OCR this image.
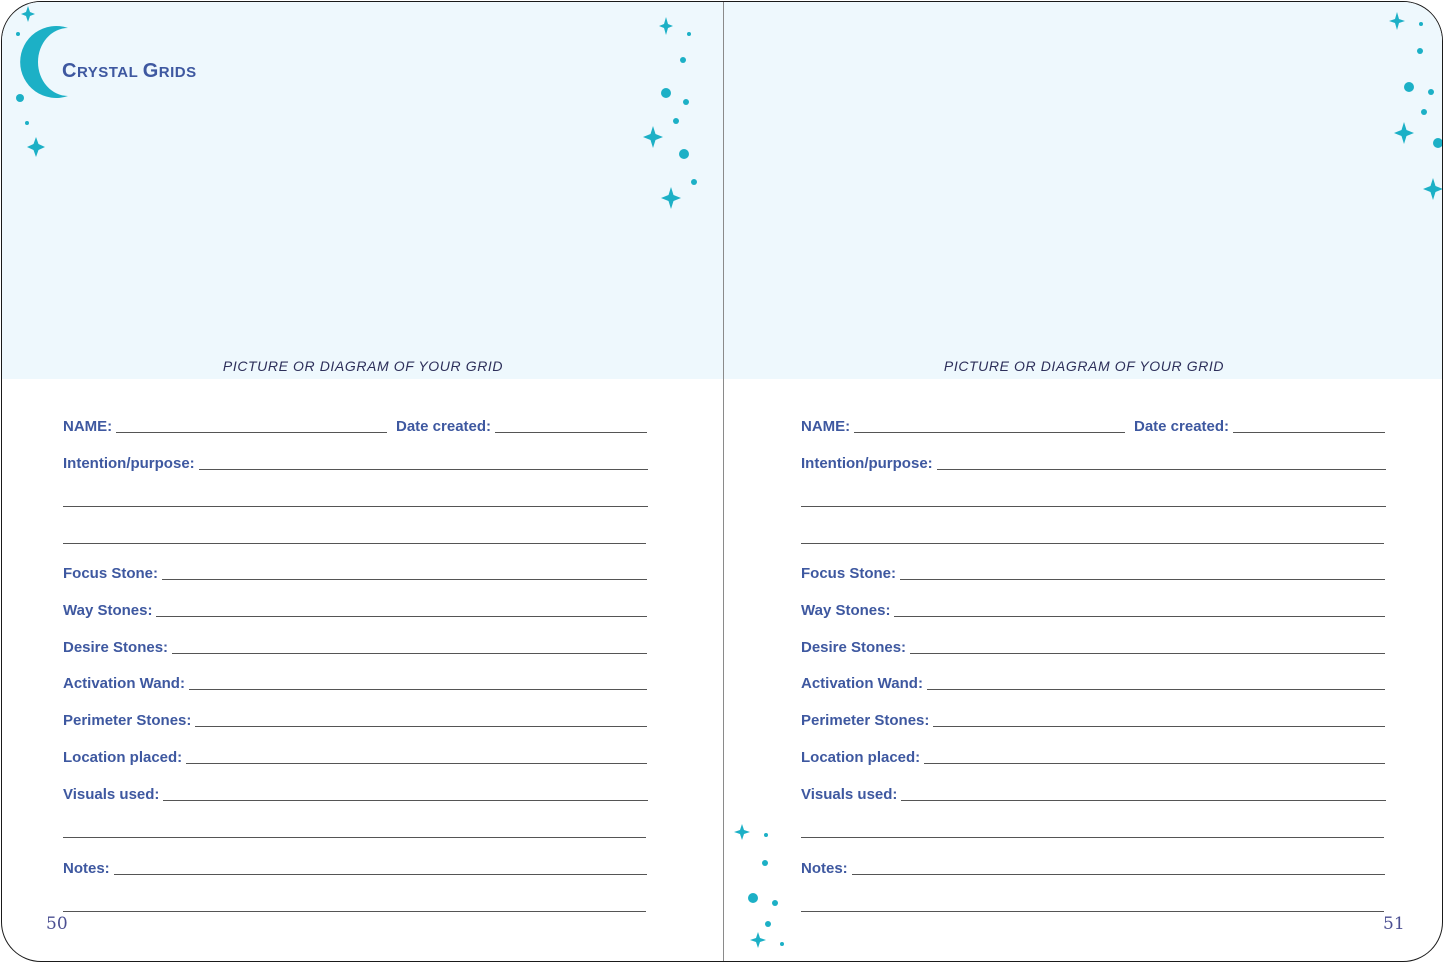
CRYSTAL GRIDS
PICTURE OR DIAGRAM OF YOUR GRID
NAME:	Date created:
Intention/purpose:
Focus Stone:
Way Stones:
Desire Stones:
Activation Wand:
Perimeter Stones:
Location placed:
Visuals used:
Notes:
50
PICTURE OR DIAGRAM OF YOUR GRID
NAME:	Date created:
Intention/purpose:
Focus Stone:
Way Stones:
Desire Stones:
Activation Wand:
Perimeter Stones:
Location placed:
Visuals used:
Notes:
51
